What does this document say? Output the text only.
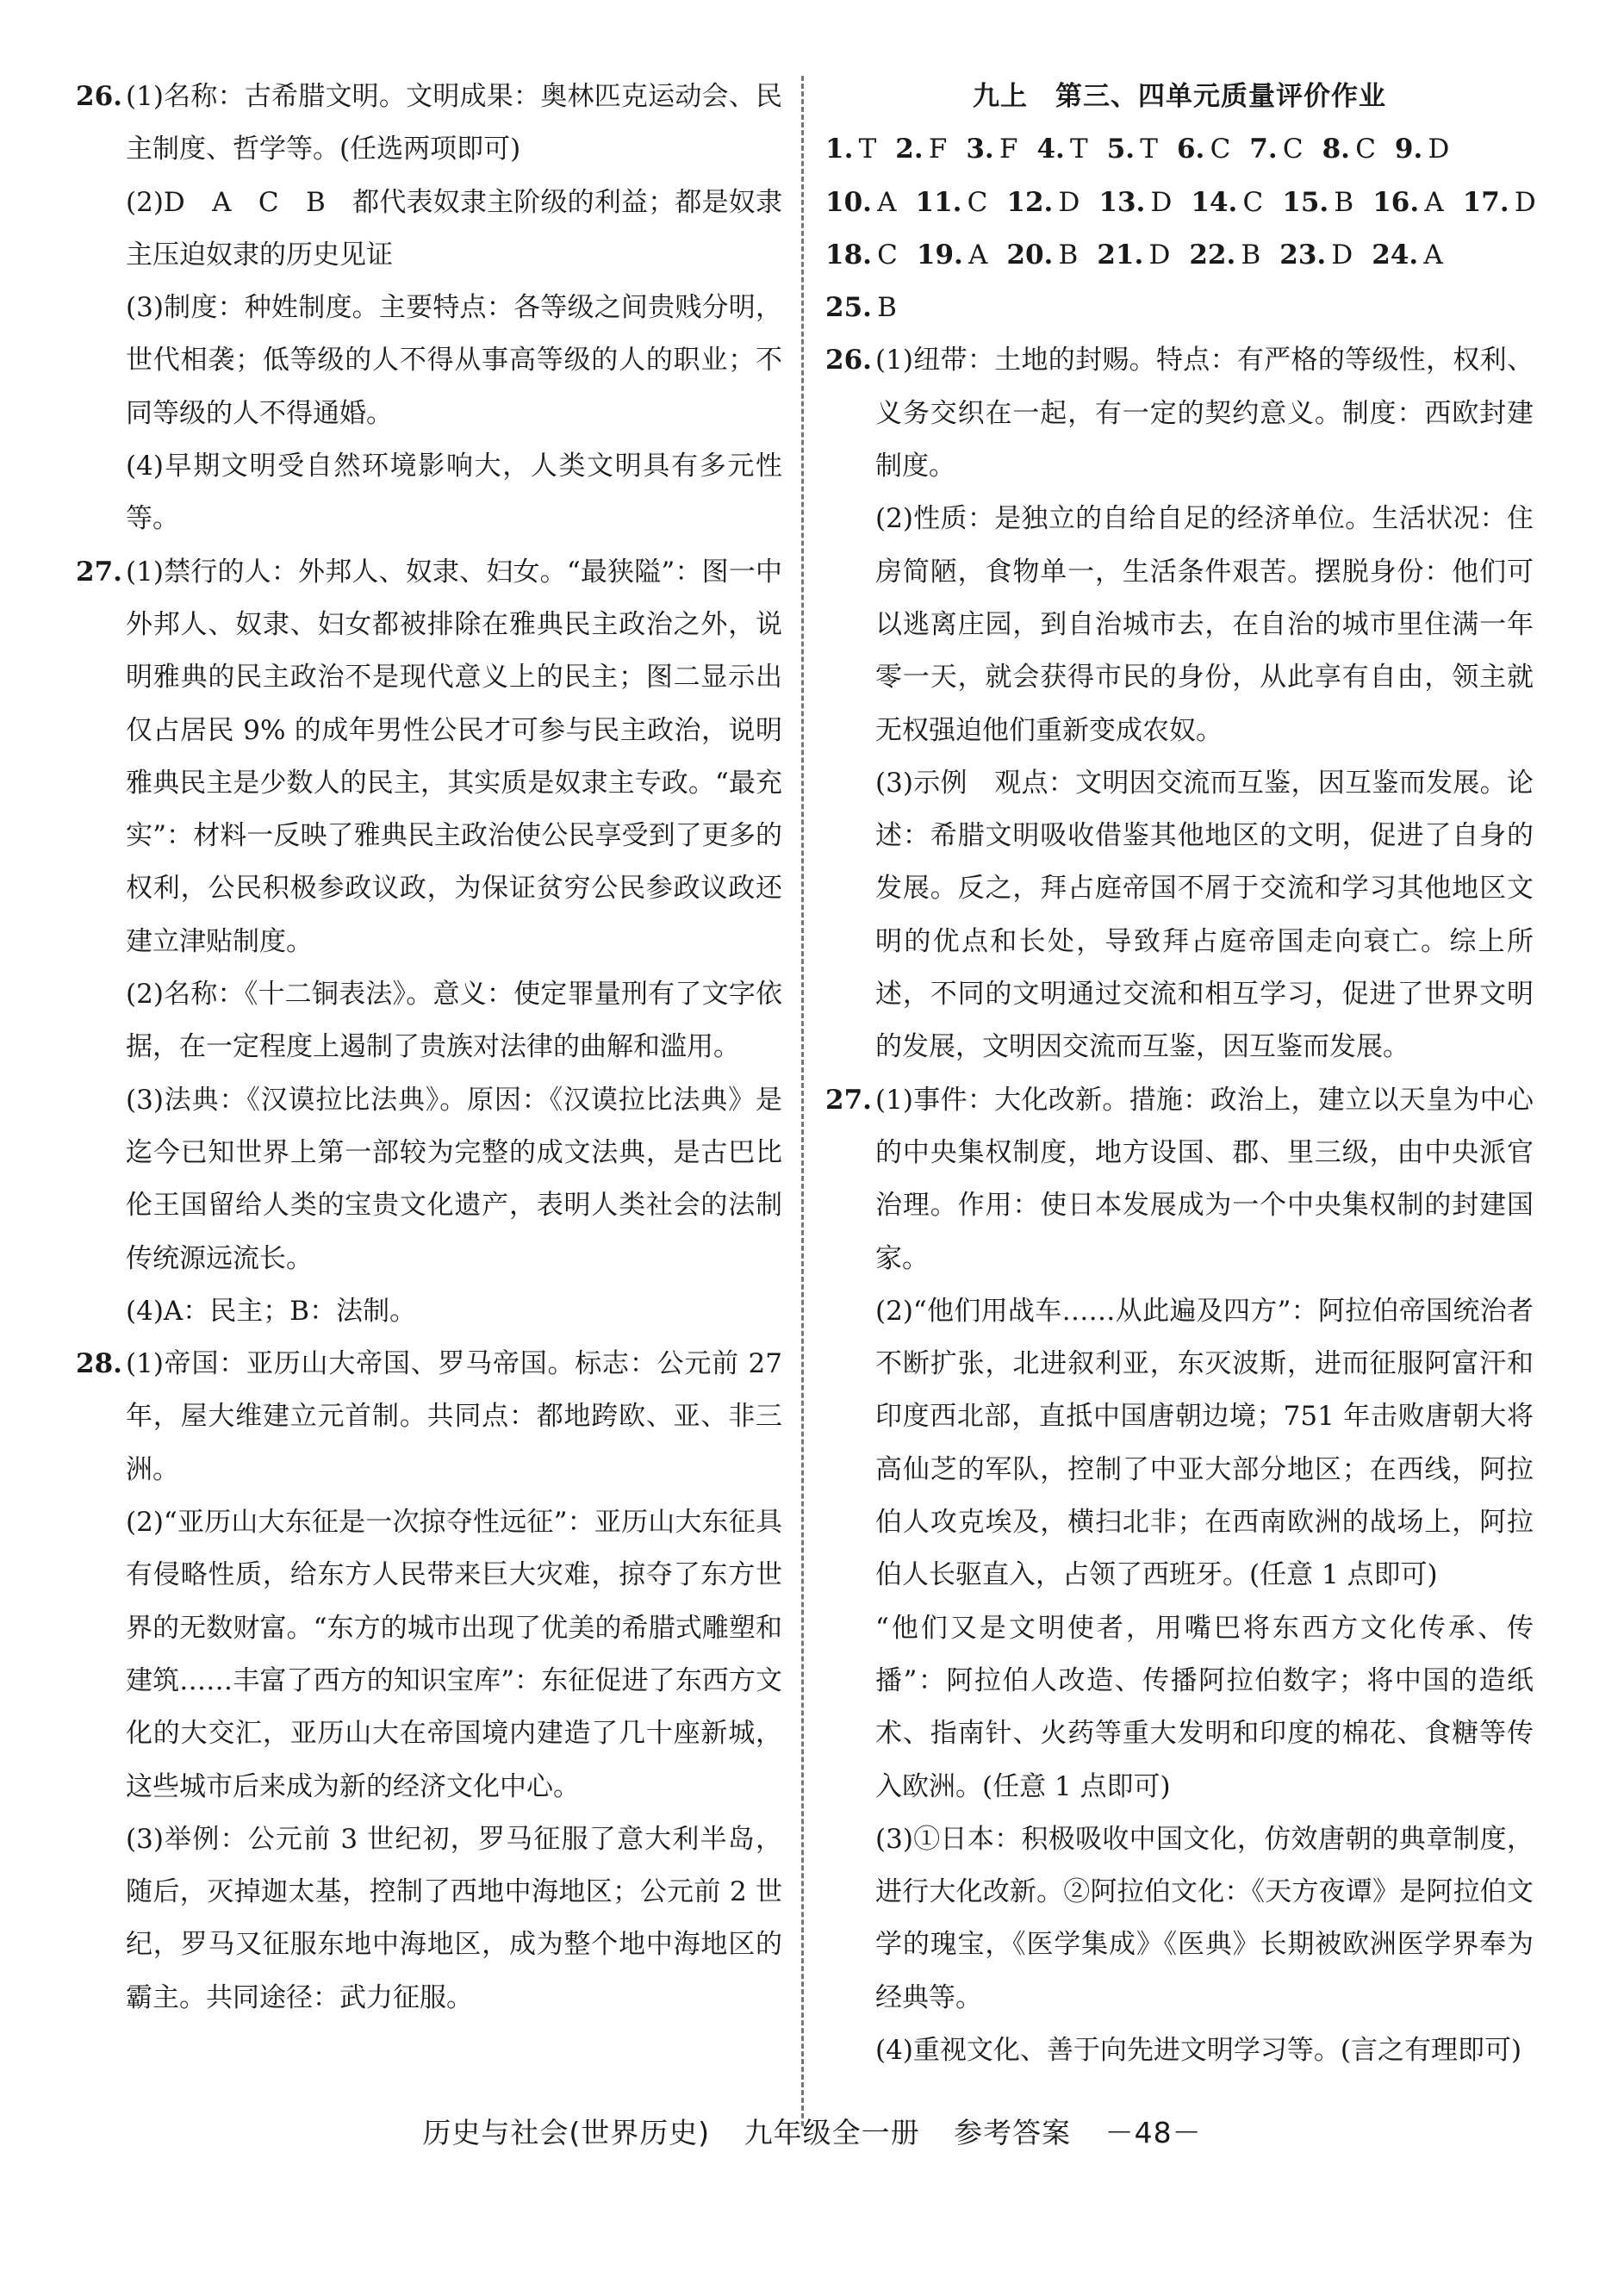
26. (1)名称：古希腊文明。文明成果：奥林匹克运动会、民主制度、哲学等。(任选两项即可)

(2)D　A　C　B　都代表奴隶主阶级的利益；都是奴隶主压迫奴隶的历史见证

(3)制度：种姓制度。主要特点：各等级之间贵贱分明，世代相袭；低等级的人不得从事高等级的人的职业；不同等级的人不得通婚。

(4)早期文明受自然环境影响大，人类文明具有多元性等。

27. (1)禁行的人：外邦人、奴隶、妇女。“最狭隘”：图一中外邦人、奴隶、妇女都被排除在雅典民主政治之外，说明雅典的民主政治不是现代意义上的民主；图二显示出仅占居民 9% 的成年男性公民才可参与民主政治，说明雅典民主是少数人的民主，其实质是奴隶主专政。“最充实”：材料一反映了雅典民主政治使公民享受到了更多的权利，公民积极参政议政，为保证贫穷公民参政议政还建立津贴制度。

(2)名称：《十二铜表法》。意义：使定罪量刑有了文字依据，在一定程度上遏制了贵族对法律的曲解和滥用。

(3)法典：《汉谟拉比法典》。原因：《汉谟拉比法典》是迄今已知世界上第一部较为完整的成文法典，是古巴比伦王国留给人类的宝贵文化遗产，表明人类社会的法制传统源远流长。

(4)A：民主；B：法制。

28. (1)帝国：亚历山大帝国、罗马帝国。标志：公元前 27 年，屋大维建立元首制。共同点：都地跨欧、亚、非三洲。

(2)“亚历山大东征是一次掠夺性远征”：亚历山大东征具有侵略性质，给东方人民带来巨大灾难，掠夺了东方世界的无数财富。“东方的城市出现了优美的希腊式雕塑和建筑……丰富了西方的知识宝库”：东征促进了东西方文化的大交汇，亚历山大在帝国境内建造了几十座新城，这些城市后来成为新的经济文化中心。

(3)举例：公元前 3 世纪初，罗马征服了意大利半岛，随后，灭掉迦太基，控制了西地中海地区；公元前 2 世纪，罗马又征服东地中海地区，成为整个地中海地区的霸主。共同途径：武力征服。

九上　第三、四单元质量评价作业

1.  T 2.  F 3.  F 4.  T 5.  T 6.  C 7.  C 8.  C 9.  D

10.  A 11.  C 12.  D 13.  D 14.  C 15.  B 16.  A 17.  D

18.  C 19.  A 20.  B 21.  D 22.  B 23.  D 24.  A

25.  B

26. (1)纽带：土地的封赐。特点：有严格的等级性，权利、义务交织在一起，有一定的契约意义。制度：西欧封建制度。

(2)性质：是独立的自给自足的经济单位。生活状况：住房简陋，食物单一，生活条件艰苦。摆脱身份：他们可以逃离庄园，到自治城市去，在自治的城市里住满一年零一天，就会获得市民的身份，从此享有自由，领主就无权强迫他们重新变成农奴。

(3)示例　观点：文明因交流而互鉴，因互鉴而发展。论述：希腊文明吸收借鉴其他地区的文明，促进了自身的发展。反之，拜占庭帝国不屑于交流和学习其他地区文明的优点和长处，导致拜占庭帝国走向衰亡。综上所述，不同的文明通过交流和相互学习，促进了世界文明的发展，文明因交流而互鉴，因互鉴而发展。

27. (1)事件：大化改新。措施：政治上，建立以天皇为中心的中央集权制度，地方设国、郡、里三级，由中央派官治理。作用：使日本发展成为一个中央集权制的封建国家。

(2)“他们用战车……从此遍及四方”：阿拉伯帝国统治者不断扩张，北进叙利亚，东灭波斯，进而征服阿富汗和印度西北部，直抵中国唐朝边境；751 年击败唐朝大将高仙芝的军队，控制了中亚大部分地区；在西线，阿拉伯人攻克埃及，横扫北非；在西南欧洲的战场上，阿拉伯人长驱直入，占领了西班牙。(任意 1 点即可)

“他们又是文明使者，用嘴巴将东西方文化传承、传播”：阿拉伯人改造、传播阿拉伯数字；将中国的造纸术、指南针、火药等重大发明和印度的棉花、食糖等传入欧洲。(任意 1 点即可)

(3)①日本：积极吸收中国文化，仿效唐朝的典章制度，进行大化改新。②阿拉伯文化：《天方夜谭》是阿拉伯文学的瑰宝，《医学集成》《医典》长期被欧洲医学界奉为经典等。

(4)重视文化、善于向先进文明学习等。(言之有理即可)

历史与社会(世界历史) 九年级全一册 参考答案 －48－
